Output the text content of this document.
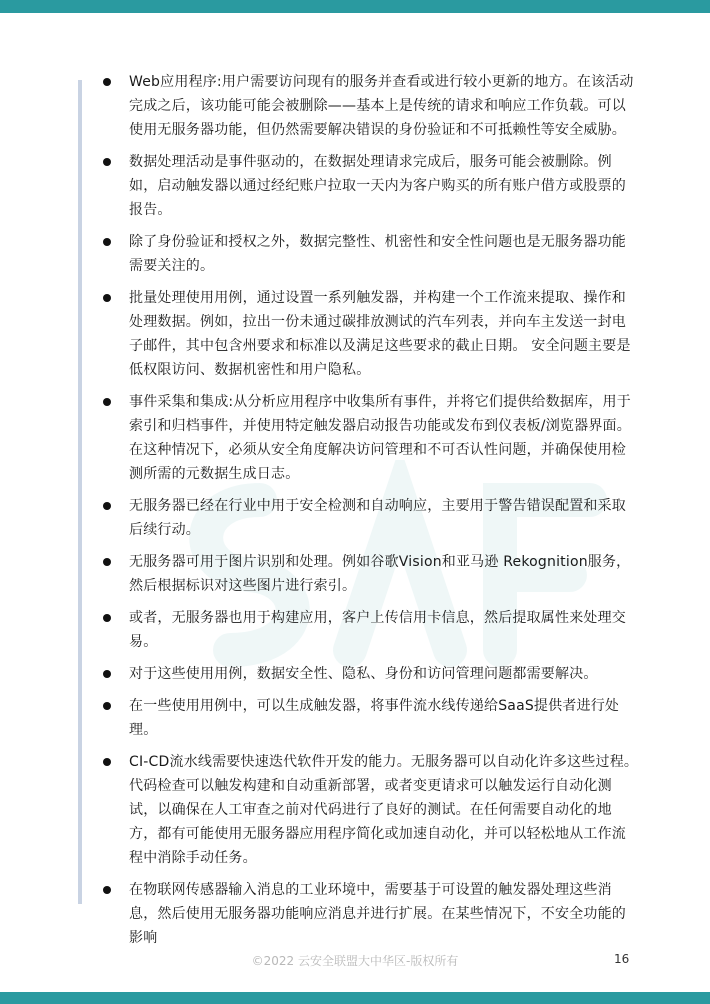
Web应用程序:用户需要访问现有的服务并查看或进行较小更新的地方。在该活动完成之后，该功能可能会被删除——基本上是传统的请求和响应工作负载。可以使用无服务器功能，但仍然需要解决错误的身份验证和不可抵赖性等安全威胁。
数据处理活动是事件驱动的，在数据处理请求完成后，服务可能会被删除。例如，启动触发器以通过经纪账户拉取一天内为客户购买的所有账户借方或股票的报告。
除了身份验证和授权之外，数据完整性、机密性和安全性问题也是无服务器功能需要关注的。
批量处理使用用例，通过设置一系列触发器，并构建一个工作流来提取、操作和处理数据。例如，拉出一份未通过碳排放测试的汽车列表，并向车主发送一封电子邮件，其中包含州要求和标准以及满足这些要求的截止日期。 安全问题主要是低权限访问、数据机密性和用户隐私。
事件采集和集成:从分析应用程序中收集所有事件，并将它们提供给数据库，用于索引和归档事件，并使用特定触发器启动报告功能或发布到仪表板/浏览器界面。在这种情况下，必须从安全角度解决访问管理和不可否认性问题，并确保使用检测所需的元数据生成日志。
无服务器已经在行业中用于安全检测和自动响应，主要用于警告错误配置和采取后续行动。
无服务器可用于图片识别和处理。例如谷歌Vision和亚马逊 Rekognition服务，然后根据标识对这些图片进行索引。
或者，无服务器也用于构建应用，客户上传信用卡信息，然后提取属性来处理交易。
对于这些使用用例，数据安全性、隐私、身份和访问管理问题都需要解决。
在一些使用用例中，可以生成触发器，将事件流水线传递给SaaS提供者进行处理。
CI-CD流水线需要快速迭代软件开发的能力。无服务器可以自动化许多这些过程。代码检查可以触发构建和自动重新部署，或者变更请求可以触发运行自动化测试，以确保在人工审查之前对代码进行了良好的测试。在任何需要自动化的地方，都有可能使用无服务器应用程序简化或加速自动化，并可以轻松地从工作流程中消除手动任务。
在物联网传感器输入消息的工业环境中，需要基于可设置的触发器处理这些消息，然后使用无服务器功能响应消息并进行扩展。在某些情况下，不安全功能的影响
©2022 云安全联盟大中华区-版权所有	16
